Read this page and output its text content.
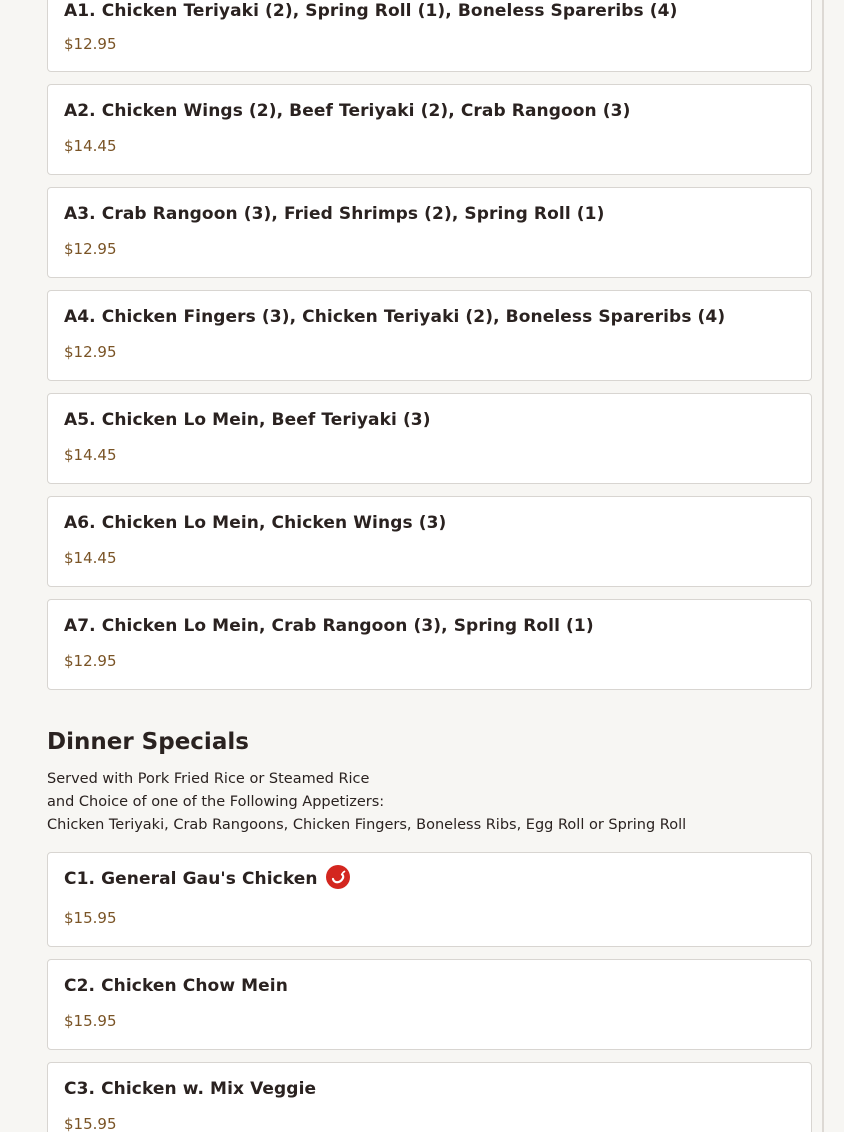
A1. Chicken Teriyaki (2), Spring Roll (1), Boneless Spareribs (4)
$12.95
A2. Chicken Wings (2), Beef Teriyaki (2), Crab Rangoon (3)
$14.45
A3. Crab Rangoon (3), Fried Shrimps (2), Spring Roll (1)
$12.95
A4. Chicken Fingers (3), Chicken Teriyaki (2), Boneless Spareribs (4)
$12.95
A5. Chicken Lo Mein, Beef Teriyaki (3)
$14.45
A6. Chicken Lo Mein, Chicken Wings (3)
$14.45
A7. Chicken Lo Mein, Crab Rangoon (3), Spring Roll (1)
$12.95
Dinner Specials
Served with Pork Fried Rice or Steamed Rice
and Choice of one of the Following Appetizers:
Chicken Teriyaki, Crab Rangoons, Chicken Fingers, Boneless Ribs, Egg Roll or Spring Roll
C1. General Gau's Chicken
$15.95
C2. Chicken Chow Mein
$15.95
C3. Chicken w. Mix Veggie
$15.95
